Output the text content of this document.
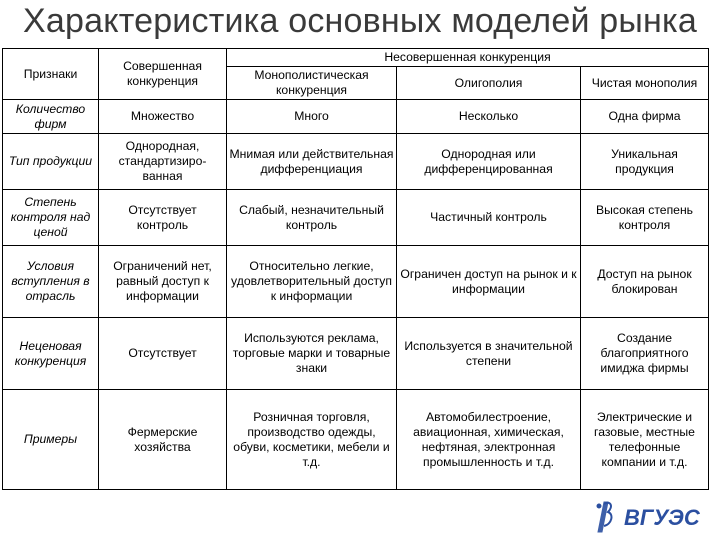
Характеристика основных моделей рынка
Признаки	Совершенная конкуренция	Несовершенная конкуренция		
		Монополистическая конкуренция	Олигополия	Чистая монополия
Количество фирм	Множество	Много	Несколько	Одна фирма
Тип продукции	Однородная, стандартизиро-ванная	Мнимая или действительная дифференциация	Однородная или дифференцированная	Уникальная продукция
Степень контроля над ценой	Отсутствует контроль	Слабый, незначительный контроль	Частичный контроль	Высокая степень контроля
Условия вступления в отрасль	Ограничений нет, равный доступ к информации	Относительно легкие, удовлетворительный доступ к информации	Ограничен доступ на рынок и к информации	Доступ на рынок блокирован
Неценовая конкуренция	Отсутствует	Используются реклама, торговые марки и товарные знаки	Используется в значительной степени	Создание благоприятного имиджа фирмы
Примеры	Фермерские хозяйства	Розничная торговля, производство одежды, обуви, косметики, мебели и т.д.	Автомобилестроение, авиационная, химическая, нефтяная, электронная промышленность и т.д.	Электрические и газовые, местные телефонные компании и т.д.
ВГУЭС
